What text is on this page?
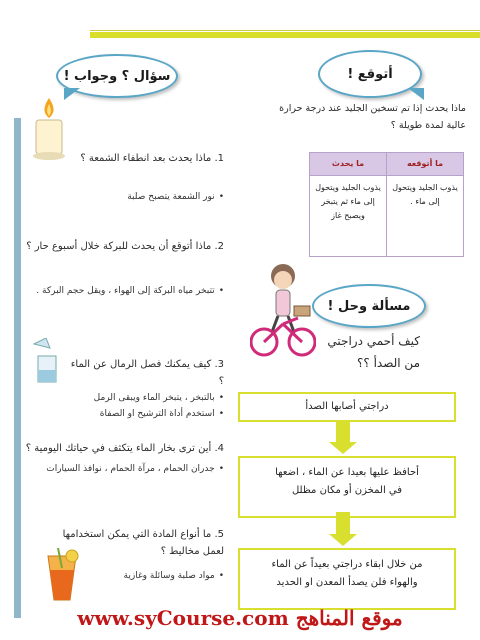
أتوقع !
سؤال ؟ وجواب !
ماذا يحدث إذا تم تسخين الجليد عند درجة حرارة
عالية لمدة طويلة ؟
ما أتوقعه	ما يحدث
يذوب الجليد ويتحول إلى ماء .	يذوب الجليد ويتحول إلى ماء ثم يتبخر ويصبح غاز
مسألة وحل !
كيف أحمي دراجتي
من الصدأ ؟؟
دراجتي أصابها الصدأ
أحافظ عليها بعيدا عن الماء ، اضعها
في المخزن أو مكان مظلل
من خلال ابقاء دراجتي بعيداً عن الماء
والهواء فلن يصدأ المعدن او الحديد
1. ماذا يحدث بعد انطفاء الشمعة ؟
• نور الشمعة يتصبح صلبة
2. ماذا أتوقع أن يحدث للبركة خلال أسبوع حار ؟
• تتبخر مياه البركة إلى الهواء ، ويقل حجم البركة .
3. كيف يمكنك فصل الرمال عن الماء ؟
• بالتبخر ، يتبخر الماء ويبقى الرمل
• استخدم أداة الترشيح او الصفاة
4. أين ترى بخار الماء يتكثف في حياتك اليومية ؟
• جدران الحمام ، مرآة الحمام ، نوافذ السيارات
5. ما أنواع المادة التي يمكن استخدامها لعمل مخاليط ؟
• مواد صلبة وسائلة وغازية
www.syCourse.com موقع المناهج
